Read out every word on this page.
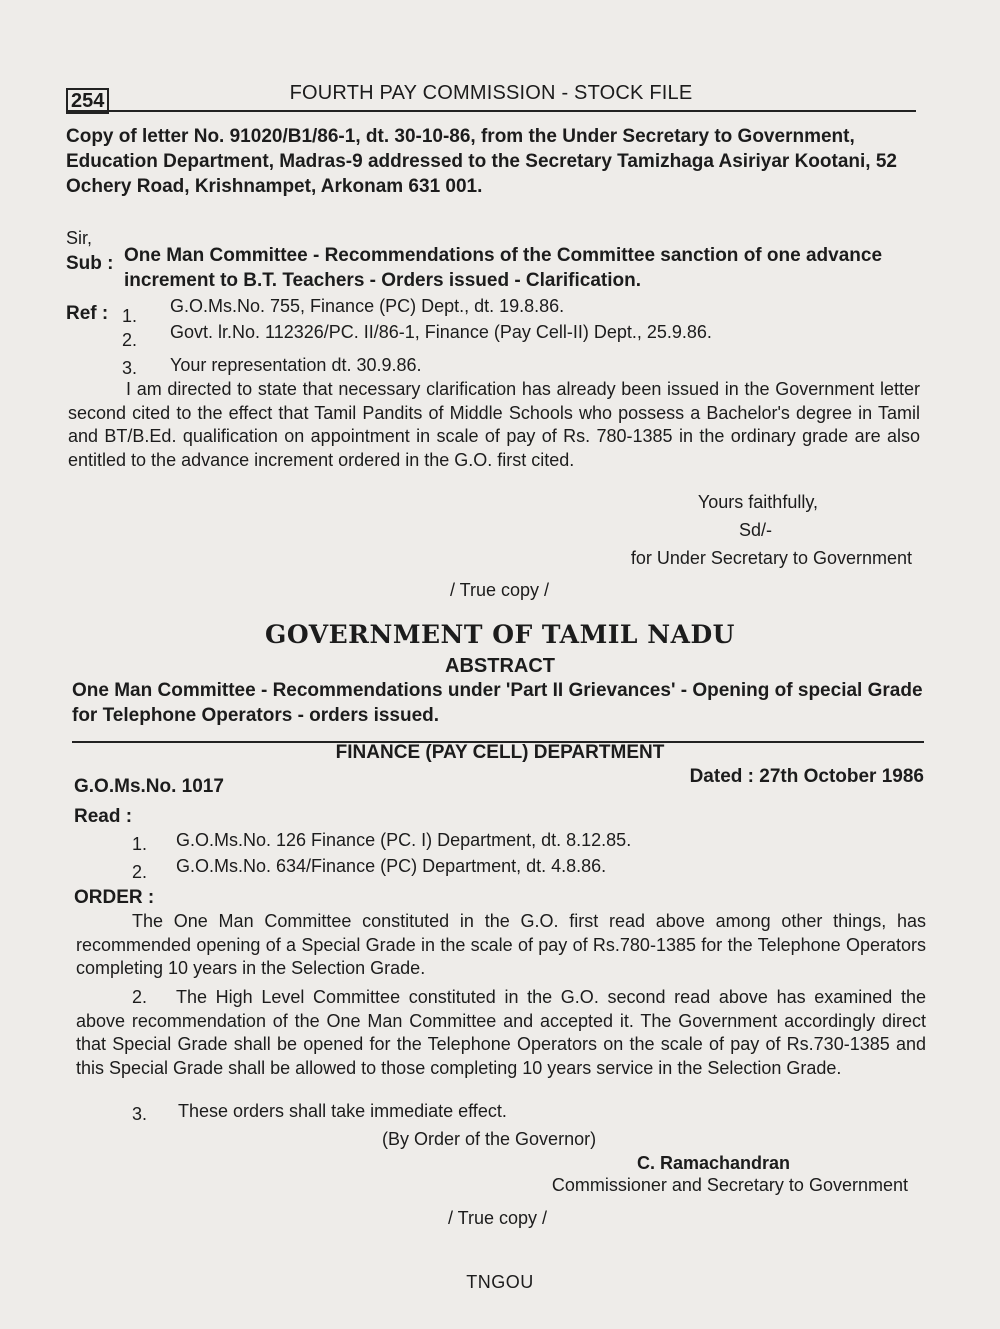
254	FOURTH PAY COMMISSION - STOCK FILE
Copy of letter No. 91020/B1/86-1, dt. 30-10-86, from the Under Secretary to Government, Education Department, Madras-9 addressed to the Secretary Tamizhaga Asiriyar Kootani, 52 Ochery Road, Krishnampet, Arkonam 631 001.
Sir,
Sub : One Man Committee - Recommendations of the Committee sanction of one advance increment to B.T. Teachers - Orders issued - Clarification.
Ref : 1. G.O.Ms.No. 755, Finance (PC) Dept., dt. 19.8.86.
2. Govt. lr.No. 112326/PC. II/86-1, Finance (Pay Cell-II) Dept., 25.9.86.
3. Your representation dt. 30.9.86.
I am directed to state that necessary clarification has already been issued in the Government letter second cited to the effect that Tamil Pandits of Middle Schools who possess a Bachelor's degree in Tamil and BT/B.Ed. qualification on appointment in scale of pay of Rs. 780-1385 in the ordinary grade are also entitled to the advance increment ordered in the G.O. first cited.
Yours faithfully,
Sd/-
for Under Secretary to Government
/ True copy /
GOVERNMENT OF TAMIL NADU
ABSTRACT
One Man Committee - Recommendations under 'Part II Grievances' - Opening of special Grade for Telephone Operators - orders issued.
FINANCE (PAY CELL) DEPARTMENT
G.O.Ms.No. 1017	Dated : 27th October 1986
Read :
1. G.O.Ms.No. 126 Finance (PC. I) Department, dt. 8.12.85.
2. G.O.Ms.No. 634/Finance (PC) Department, dt. 4.8.86.
ORDER :
The One Man Committee constituted in the G.O. first read above among other things, has recommended opening of a Special Grade in the scale of pay of Rs.780-1385 for the Telephone Operators completing 10 years in the Selection Grade.
The High Level Committee constituted in the G.O. second read above has examined the above recommendation of the One Man Committee and accepted it. The Government accordingly direct that Special Grade shall be opened for the Telephone Operators on the scale of pay of Rs.730-1385 and this Special Grade shall be allowed to those completing 10 years service in the Selection Grade.
2.
3. These orders shall take immediate effect.
(By Order of the Governor)
C. Ramachandran
Commissioner and Secretary to Government
/ True copy /
TNGOU
